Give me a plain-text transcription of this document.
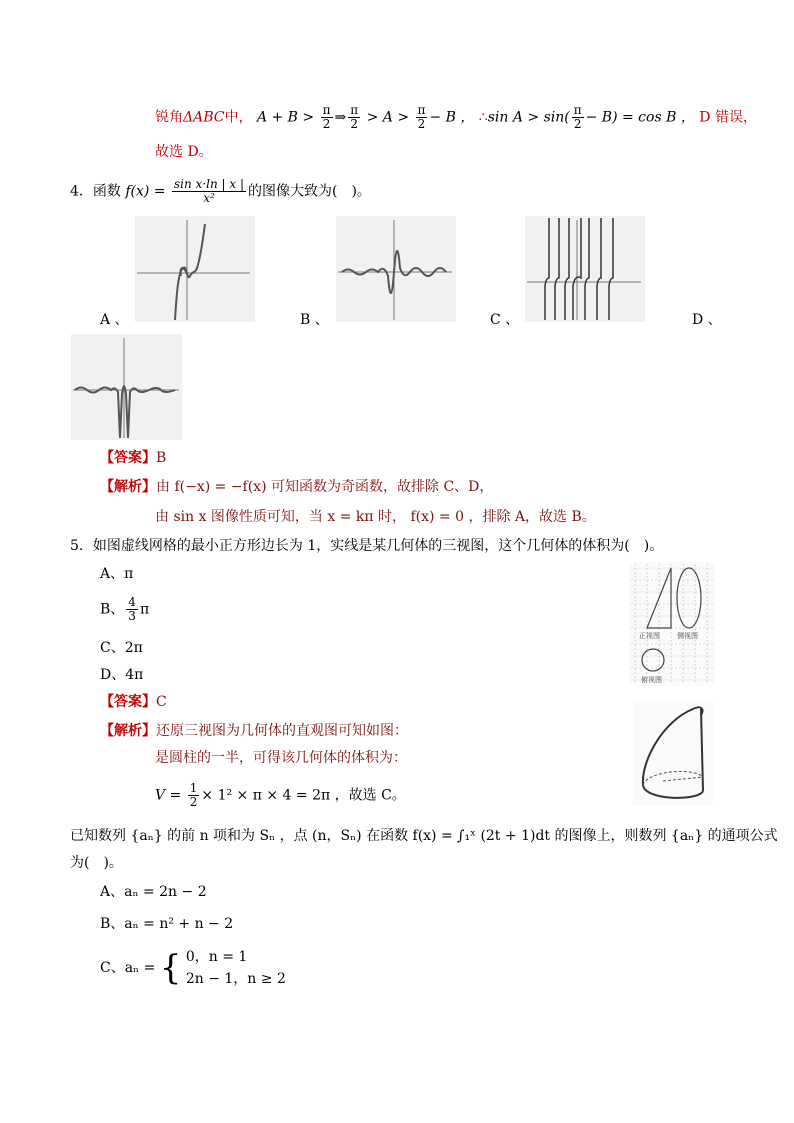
锐角ΔABC中， $A + B > \frac{\pi}{2}$ ⇒ $\frac{\pi}{2} > A > \frac{\pi}{2} - B$ ， ∴sin $A > \sin( \frac{\pi}{2} - B) = \cos B$ ， D 错误，
故选 D。
4．函数 $f(x) = \frac{\text{sin x·ln | x |}}{\text{x²}}$ 的图像大致为(　)。
A 、	B 、	C 、	D 、
【答案】B
【解析】由 f(−x) = −f(x) 可知函数为奇函数，故排除 C、D，
由 sin x 图像性质可知，当 x = kπ 时， f(x) = 0 ，排除 A，故选 B。
5．如图虚线网格的最小正方形边长为 1，实线是某几何体的三视图，这个几何体的体积为(　)。
A、π
B、 $\frac{4}{3}$ π
C、2π
D、4π
【答案】C
【解析】还原三视图为几何体的直观图可知如图：
是圆柱的一半，可得该几何体的体积为：
$V = \frac{1}{2} \times 1^2 \times \pi \times 4 = 2\pi$ ，故选 C。
正视图 侧视图
俯视图
已知数列 {aₙ} 的前 n 项和为 Sₙ ，点 (n，Sₙ) 在函数 f(x) = ∫₁ˣ (2t + 1)dt 的图像上，则数列 {aₙ} 的通项公式
为(　)。
A、aₙ = 2n − 2
B、aₙ = n² + n − 2
C、aₙ = { 0，n = 1
2n − 1，n ≥ 2
